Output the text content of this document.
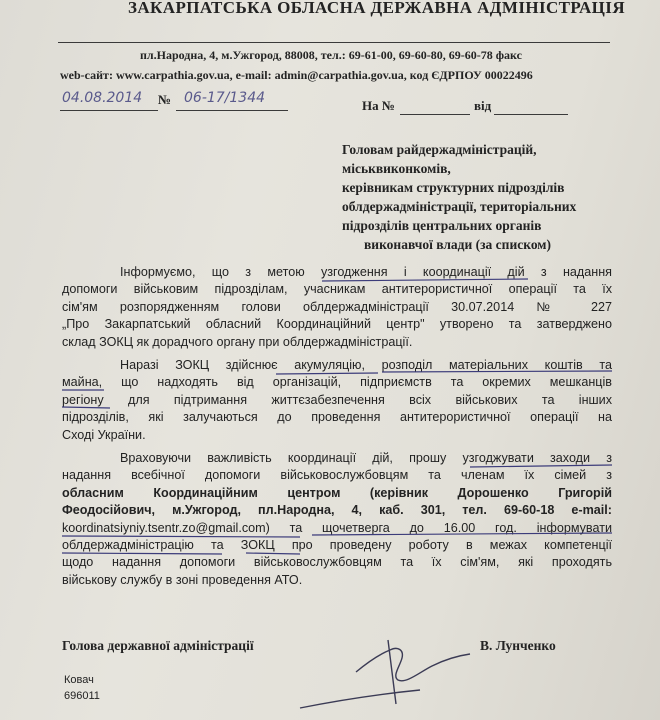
ЗАКАРПАТСЬКА ОБЛАСНА ДЕРЖАВНА АДМІНІСТРАЦІЯ
пл.Народна, 4, м.Ужгород, 88008, тел.: 69-61-00, 69-60-80, 69-60-78 факс
web-сайт: www.carpathia.gov.ua, e-mail: admin@carpathia.gov.ua, код ЄДРПОУ 00022496
04.08.2014 № 06-17/1344	На №	від
Головам райдержадміністрацій,
міськвиконкомів,
керівникам структурних підрозділів
облдержадміністрації, територіальних
підрозділів центральних органів
виконавчої влади (за списком)
Інформуємо, що з метою узгодження і координації дій з надання
допомоги військовим підрозділам, учасникам антитерористичної операції та їх
сім'ям розпорядженням голови облдержадміністрації 30.07.2014 № 227
„Про Закарпатський обласний Координаційний центр" утворено та затверджено
склад ЗОКЦ як дорадчого органу при облдержадміністрації.
Наразі ЗОКЦ здійснює акумуляцію, розподіл матеріальних коштів та
майна, що надходять від організацій, підприємств та окремих мешканців
регіону для підтримання життєзабезпечення всіх військових та інших
підрозділів, які залучаються до проведення антитерористичної операції на
Сході України.
Враховуючи важливість координації дій, прошу узгоджувати заходи з
надання всебічної допомоги військовослужбовцям та членам їх сімей з
обласним Координаційним центром (керівник Дорошенко Григорій
Феодосійович, м.Ужгород, пл.Народна, 4, каб. 301, тел. 69-60-18 e-mail:
koordinatsiyniy.tsentr.zo@gmail.com) та щочетверга до 16.00 год. інформувати
облдержадміністрацію та ЗОКЦ про проведену роботу в межах компетенції
щодо надання допомоги військовослужбовцям та їх сім'ям, які проходять
військову службу в зоні проведення АТО.
Голова державної адміністрації	В. Лунченко
Ковач
696011
